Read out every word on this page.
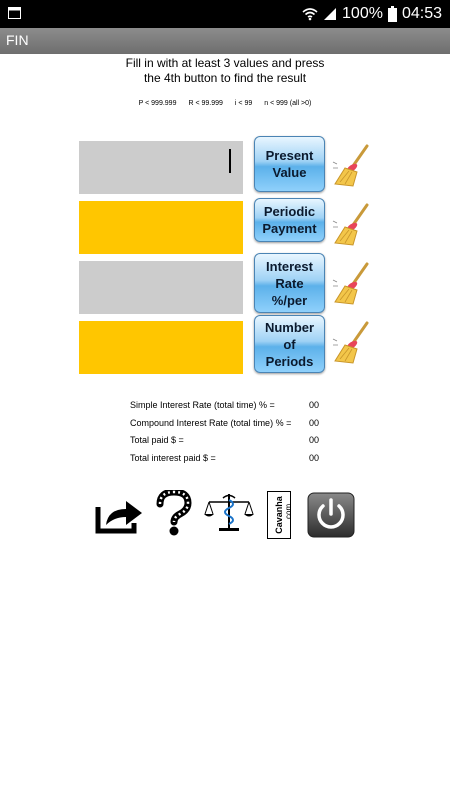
100% 04:53
FIN
Fill in with at least 3 values and press
the 4th button to find the result
P < 999.999 R < 99.999 i < 99 n < 999 (all >0)
Present
Value
Periodic
Payment
Interest
Rate
%/per
Number
of
Periods
Simple Interest Rate (total time) % =	00
Compound Interest Rate (total time) % = 00
Total paid $ =	00
Total interest paid $ =	00
Cavanha .com
